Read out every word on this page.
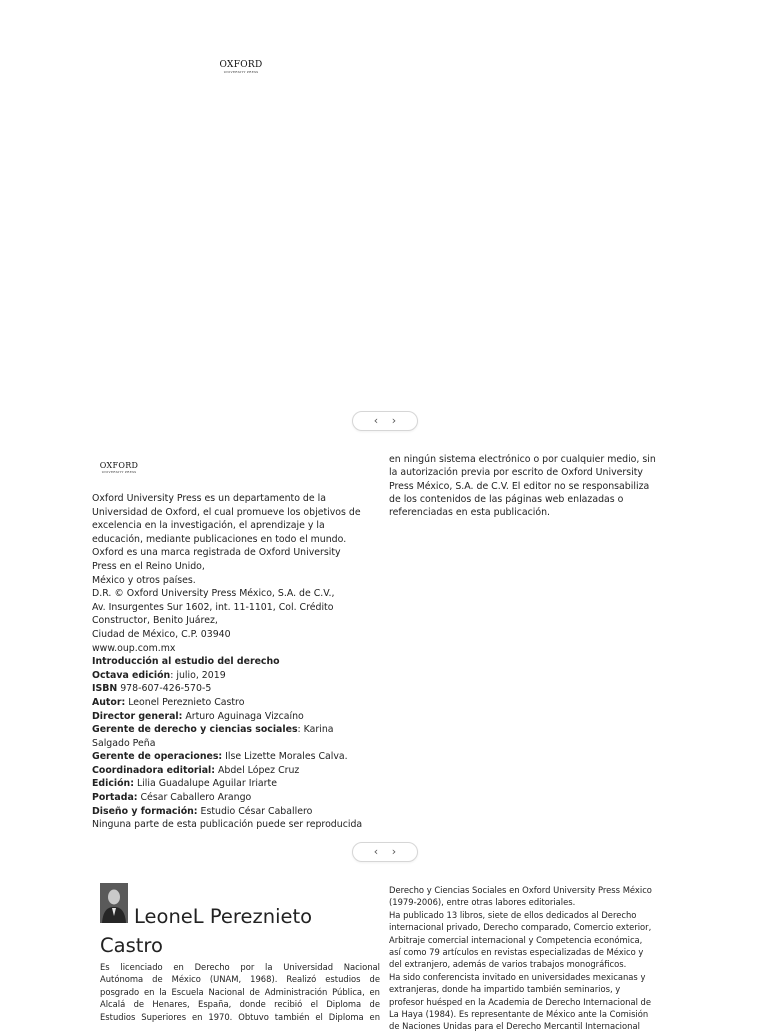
OXFORD
UNIVERSITY PRESS
‹ ›
OXFORD
UNIVERSITY PRESS
Oxford University Press es un departamento de la
Universidad de Oxford, el cual promueve los objetivos de
excelencia en la investigación, el aprendizaje y la
educación, mediante publicaciones en todo el mundo.
Oxford es una marca registrada de Oxford University
Press en el Reino Unido,
México y otros países.
D.R. © Oxford University Press México, S.A. de C.V.,
Av. Insurgentes Sur 1602, int. 11-1101, Col. Crédito
Constructor, Benito Juárez,
Ciudad de México, C.P. 03940
www.oup.com.mx
Introducción al estudio del derecho
Octava edición: julio, 2019
ISBN 978-607-426-570-5
Autor: Leonel Pereznieto Castro
Director general: Arturo Aguinaga Vizcaíno
Gerente de derecho y ciencias sociales: Karina
Salgado Peña
Gerente de operaciones: Ilse Lizette Morales Calva.
Coordinadora editorial: Abdel López Cruz
Edición: Lilia Guadalupe Aguilar Iriarte
Portada: César Caballero Arango
Diseño y formación: Estudio César Caballero
Ninguna parte de esta publicación puede ser reproducida
en ningún sistema electrónico o por cualquier medio, sin
la autorización previa por escrito de Oxford University
Press México, S.A. de C.V. El editor no se responsabiliza
de los contenidos de las páginas web enlazadas o
referenciadas en esta publicación.
‹ ›
LeoneL Pereznieto
Castro
Es licenciado en Derecho por la Universidad Nacional
Autónoma de México (UNAM, 1968). Realizó estudios de
posgrado en la Escuela Nacional de Administración Pública, en
Alcalá de Henares, España, donde recibió el Diploma de
Estudios Superiores en 1970. Obtuvo también el Diploma en
Derecho y Ciencias Sociales en Oxford University Press México
(1979-2006), entre otras labores editoriales.
Ha publicado 13 libros, siete de ellos dedicados al Derecho
internacional privado, Derecho comparado, Comercio exterior,
Arbitraje comercial internacional y Competencia económica,
así como 79 artículos en revistas especializadas de México y
del extranjero, además de varios trabajos monográficos.
Ha sido conferencista invitado en universidades mexicanas y
extranjeras, donde ha impartido también seminarios, y
profesor huésped en la Academia de Derecho Internacional de
La Haya (1984). Es representante de México ante la Comisión
de Naciones Unidas para el Derecho Mercantil Internacional
